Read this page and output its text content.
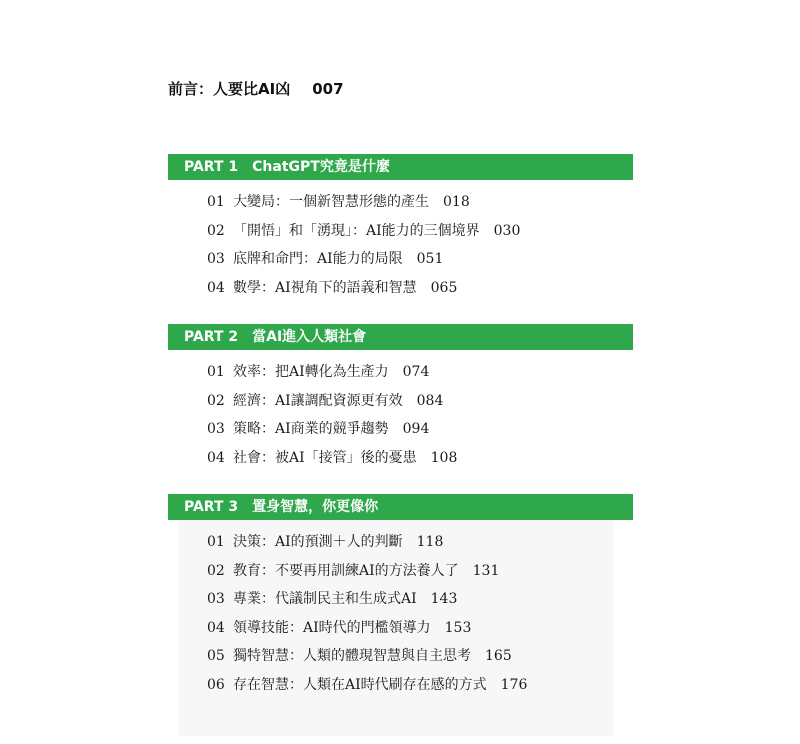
前言：人要比AI凶 007
PART 1 ChatGPT究竟是什麼
01 大變局：一個新智慧形態的產生 018
02 「開悟」和「湧現」：AI能力的三個境界 030
03 底牌和命門：AI能力的局限 051
04 數學：AI視角下的語義和智慧 065
PART 2 當AI進入人類社會
01 效率：把AI轉化為生產力 074
02 經濟：AI讓調配資源更有效 084
03 策略：AI商業的競爭趨勢 094
04 社會：被AI「接管」後的憂患 108
PART 3 置身智慧，你更像你
01 決策：AI的預測＋人的判斷 118
02 教育：不要再用訓練AI的方法養人了 131
03 專業：代議制民主和生成式AI 143
04 領導技能：AI時代的門檻領導力 153
05 獨特智慧：人類的體現智慧與自主思考 165
06 存在智慧：人類在AI時代刷存在感的方式 176
